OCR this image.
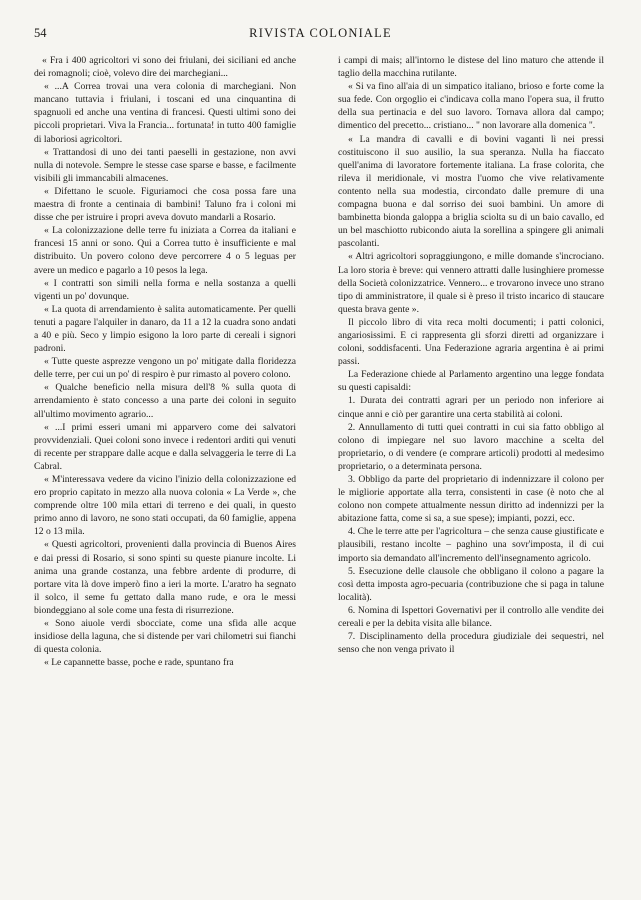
54	RIVISTA COLONIALE

« Fra i 400 agricoltori vi sono dei friulani, dei siciliani ed anche dei romagnoli; cioè, volevo dire dei marchegiani...

« ...A Correa trovai una vera colonia di marchegiani. Non mancano tuttavia i friulani, i toscani ed una cinquantina di spagnuoli ed anche una ventina di francesi. Questi ultimi sono dei piccoli proprietari. Viva la Francia... fortunata! in tutto 400 famiglie di laboriosi agricoltori.

« Trattandosi di uno dei tanti paeselli in gestazione, non avvi nulla di notevole. Sempre le stesse case sparse e basse, e facilmente visibili gli immancabili almacenes.

« Difettano le scuole. Figuriamoci che cosa possa fare una maestra di fronte a centinaia di bambini! Taluno fra i coloni mi disse che per istruire i propri aveva dovuto mandarli a Rosario.

« La colonizzazione delle terre fu iniziata a Correa da italiani e francesi 15 anni or sono. Qui a Correa tutto è insufficiente e mal distribuito. Un povero colono deve percorrere 4 o 5 leguas per avere un medico e pagarlo a 10 pesos la lega.

« I contratti son simili nella forma e nella sostanza a quelli vigenti un po' dovunque.

« La quota di arrendamiento è salita automaticamente. Per quelli tenuti a pagare l'alquiler in danaro, da 11 a 12 la cuadra sono andati a 40 e più. Seco y limpio esigono la loro parte di cereali i signori padroni.

« Tutte queste asprezze vengono un po' mitigate dalla floridezza delle terre, per cui un po' di respiro è pur rimasto al povero colono.

« Qualche beneficio nella misura dell'8 % sulla quota di arrendamiento è stato concesso a una parte dei coloni in seguito all'ultimo movimento agrario...

« ...I primi esseri umani mi apparvero come dei salvatori provvidenziali. Quei coloni sono invece i redentori arditi qui venuti di recente per strappare dalle acque e dalla selvaggeria le terre di La Cabral.

« M'interessava vedere da vicino l'inizio della colonizzazione ed ero proprio capitato in mezzo alla nuova colonia « La Verde », che comprende oltre 100 mila ettari di terreno e dei quali, in questo primo anno di lavoro, ne sono stati occupati, da 60 famiglie, appena 12 o 13 mila.

« Questi agricoltori, provenienti dalla provincia di Buenos Aires e dai pressi di Rosario, si sono spinti su queste pianure incolte. Li anima una grande costanza, una febbre ardente di produrre, di portare vita là dove imperò fino a ieri la morte. L'aratro ha segnato il solco, il seme fu gettato dalla mano rude, e ora le messi biondeggiano al sole come una festa di risurrezione.

« Sono aiuole verdi sbocciate, come una sfida alle acque insidiose della laguna, che si distende per vari chilometri sui fianchi di questa colonia.

« Le capannette basse, poche e rade, spuntano fra

i campi di mais; all'intorno le distese del lino maturo che attende il taglio della macchina rutilante.

« Si va fino all'aia di un simpatico italiano, brioso e forte come la sua fede. Con orgoglio ei c'indicava colla mano l'opera sua, il frutto della sua pertinacia e del suo lavoro. Tornava allora dal campo; dimentico del precetto... cristiano... " non lavorare alla domenica ".

« La mandra di cavalli e di bovini vaganti lì nei pressi costituiscono il suo ausilio, la sua speranza. Nulla ha fiaccato quell'anima di lavoratore fortemente italiana. La frase colorita, che rileva il meridionale, vi mostra l'uomo che vive relativamente contento nella sua modestia, circondato dalle premure di una compagna buona e dal sorriso dei suoi bambini. Un amore di bambinetta bionda galoppa a briglia sciolta su di un baio cavallo, ed un bel maschiotto rubicondo aiuta la sorellina a spingere gli animali pascolanti.

« Altri agricoltori sopraggiungono, e mille domande s'incrociano. La loro storia è breve: qui vennero attratti dalle lusinghiere promesse della Società colonizzatrice. Vennero... e trovarono invece uno strano tipo di amministratore, il quale si è preso il tristo incarico di staucare questa brava gente ».

Il piccolo libro di vita reca molti documenti; i patti colonici, angariosissimi. E ci rappresenta gli sforzi diretti ad organizzare i coloni, soddisfacenti. Una Federazione agraria argentina è ai primi passi.

La Federazione chiede al Parlamento argentino una legge fondata su questi capisaldi:

1. Durata dei contratti agrari per un periodo non inferiore ai cinque anni e ciò per garantire una certa stabilità ai coloni.

2. Annullamento di tutti quei contratti in cui sia fatto obbligo al colono di impiegare nel suo lavoro macchine a scelta del proprietario, o di vendere (e comprare articoli) prodotti al medesimo proprietario, o a determinata persona.

3. Obbligo da parte del proprietario di indennizzare il colono per le migliorie apportate alla terra, consistenti in case (è noto che al colono non compete attualmente nessun diritto ad indennizzi per la abitazione fatta, come si sa, a sue spese); impianti, pozzi, ecc.

4. Che le terre atte per l'agricoltura – che senza cause giustificate e plausibili, restano incolte – paghino una sovr'imposta, il di cui importo sia demandato all'incremento dell'insegnamento agricolo.

5. Esecuzione delle clausole che obbligano il colono a pagare la così detta imposta agro-pecuaria (contribuzione che si paga in talune località).

6. Nomina di Ispettori Governativi per il controllo alle vendite dei cereali e per la debita visita alle bilance.

7. Disciplinamento della procedura giudiziale dei sequestri, nel senso che non venga privato il
